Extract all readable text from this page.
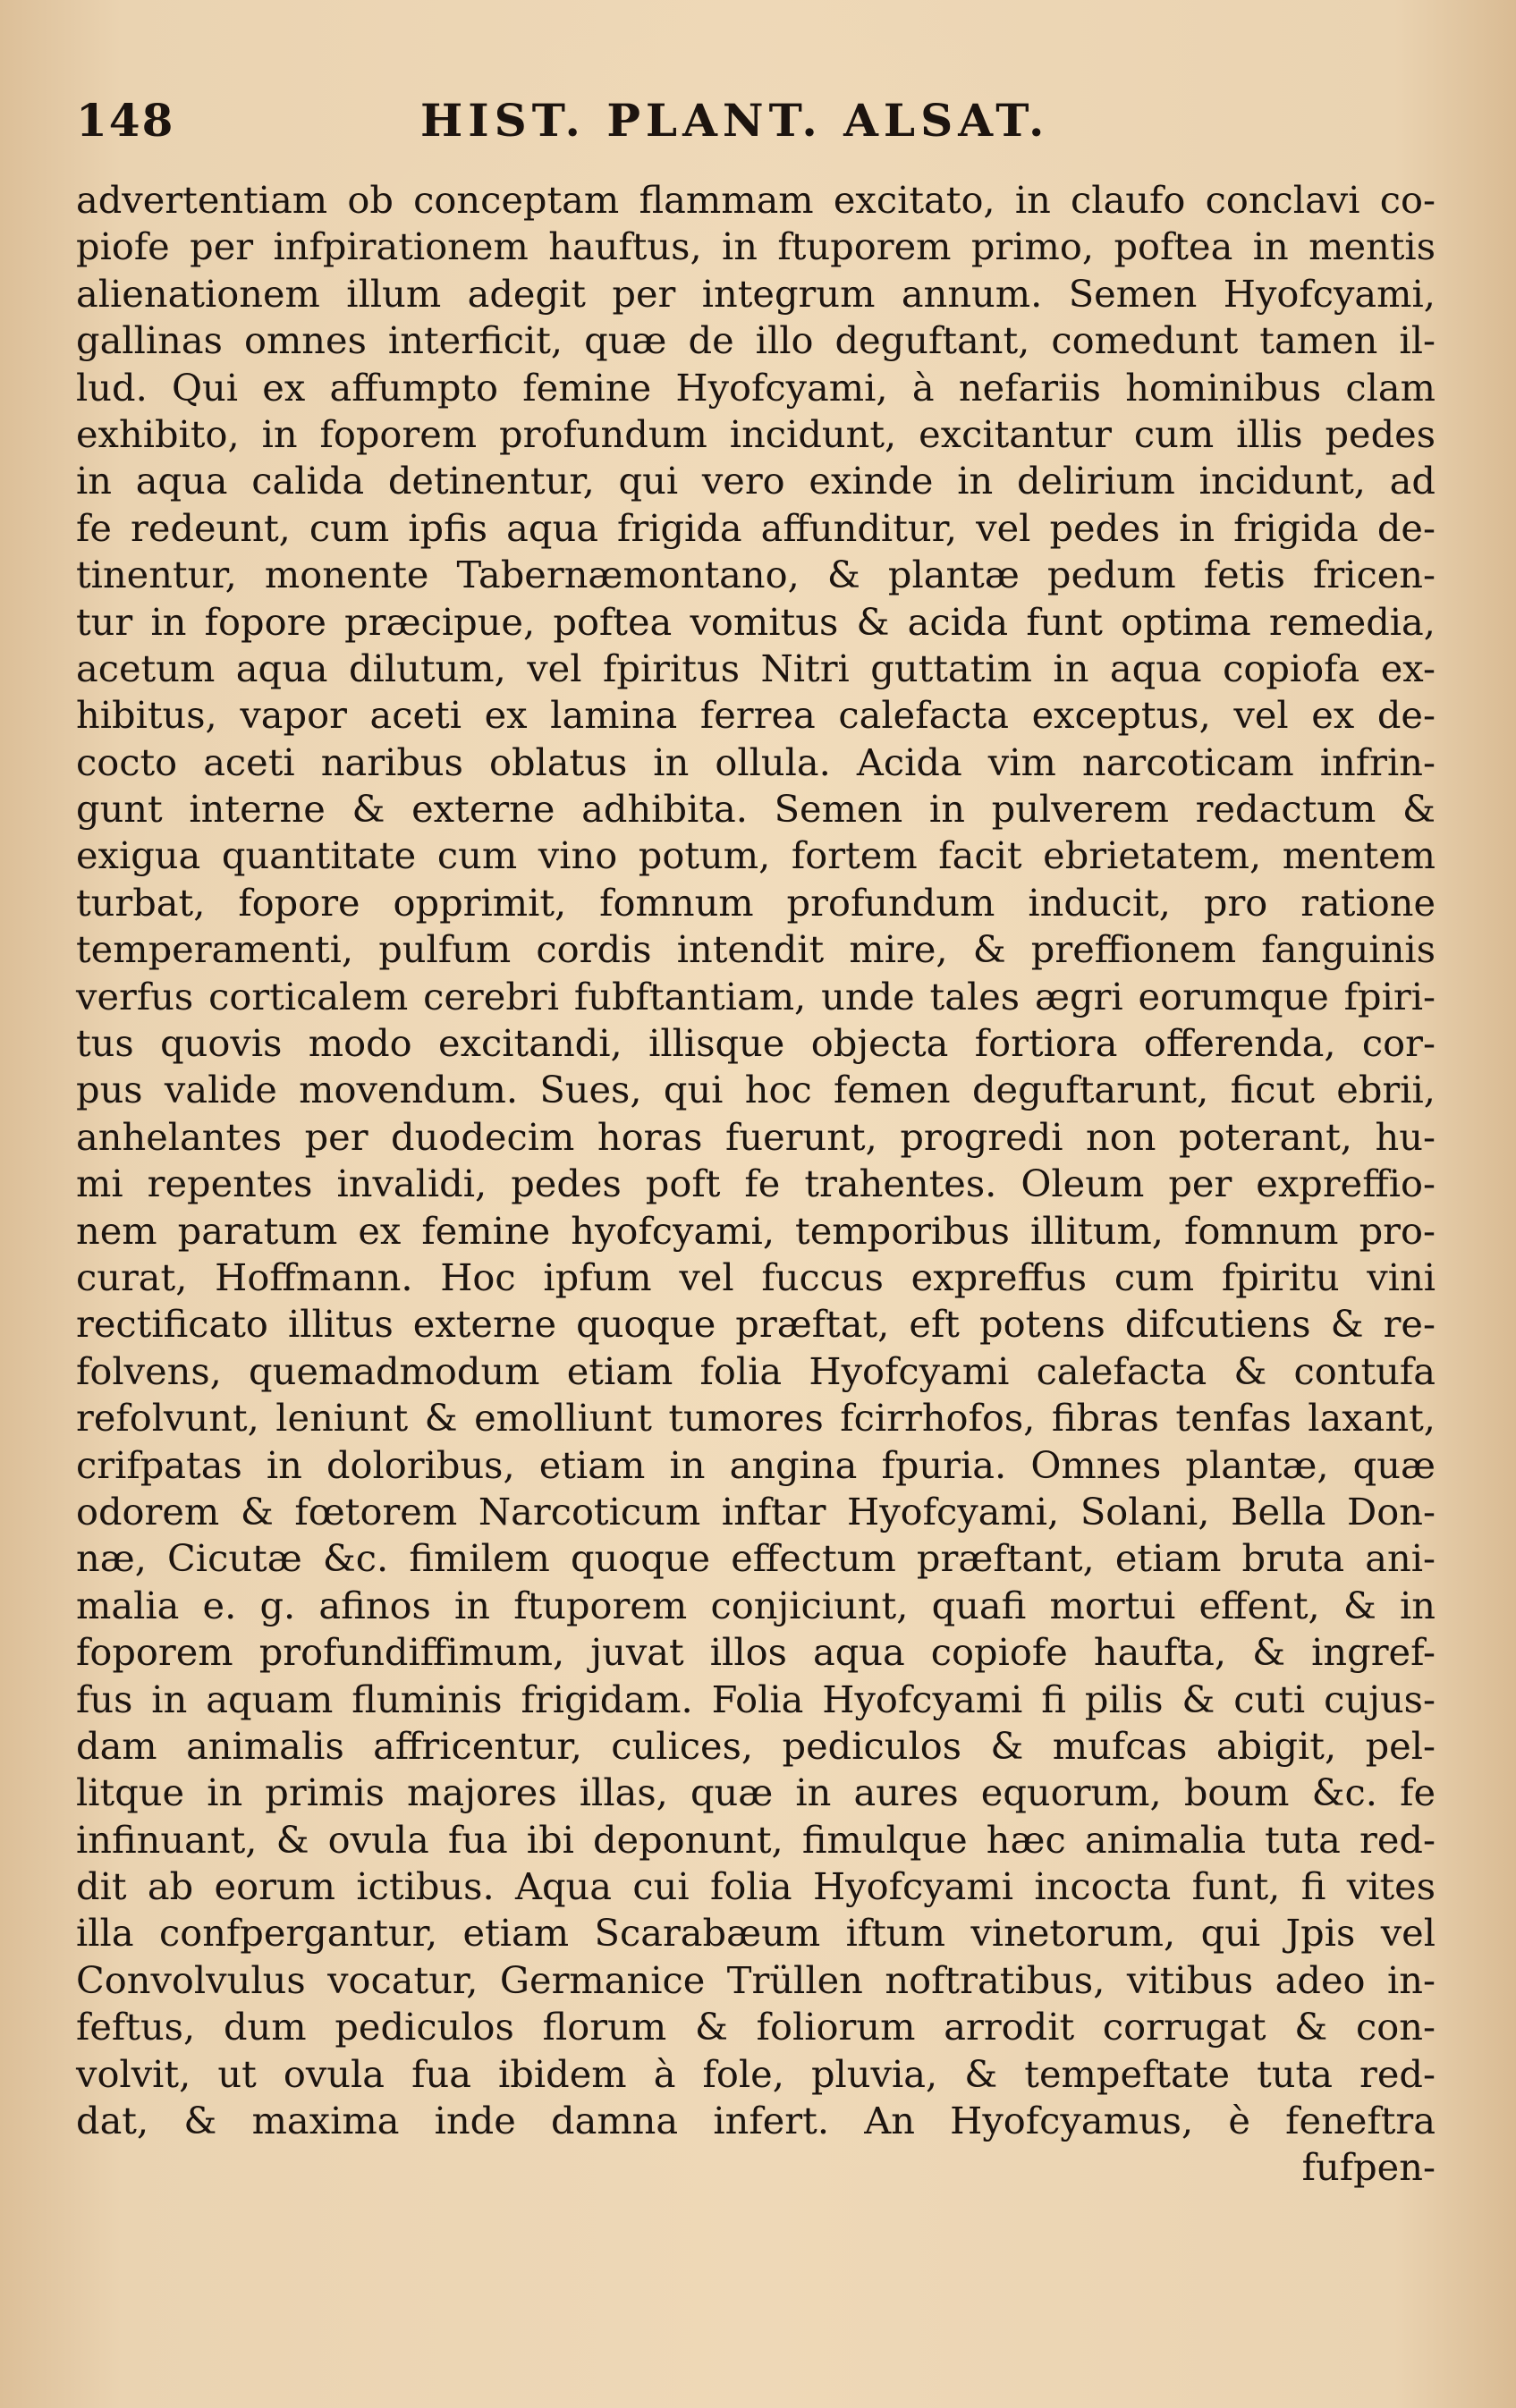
148	HIST. PLANT. ALSAT.
advertentiam ob conceptam flammam excitato, in claufo conclavi co-
piofe per infpirationem hauftus, in ftuporem primo, poftea in mentis
alienationem illum adegit per integrum annum. Semen Hyofcyami,
gallinas omnes interficit, quæ de illo deguftant, comedunt tamen il-
lud. Qui ex affumpto femine Hyofcyami, à nefariis hominibus clam
exhibito, in foporem profundum incidunt, excitantur cum illis pedes
in aqua calida detinentur, qui vero exinde in delirium incidunt, ad
fe redeunt, cum ipfis aqua frigida affunditur, vel pedes in frigida de-
tinentur, monente Tabernæmontano, & plantæ pedum fetis fricen-
tur in fopore præcipue, poftea vomitus & acida funt optima remedia,
acetum aqua dilutum, vel fpiritus Nitri guttatim in aqua copiofa ex-
hibitus, vapor aceti ex lamina ferrea calefacta exceptus, vel ex de-
cocto aceti naribus oblatus in ollula. Acida vim narcoticam infrin-
gunt interne & externe adhibita. Semen in pulverem redactum &
exigua quantitate cum vino potum, fortem facit ebrietatem, mentem
turbat, fopore opprimit, fomnum profundum inducit, pro ratione
temperamenti, pulfum cordis intendit mire, & preffionem fanguinis
verfus corticalem cerebri fubftantiam, unde tales ægri eorumque fpiri-
tus quovis modo excitandi, illisque objecta fortiora offerenda, cor-
pus valide movendum. Sues, qui hoc femen deguftarunt, ficut ebrii,
anhelantes per duodecim horas fuerunt, progredi non poterant, hu-
mi repentes invalidi, pedes poft fe trahentes. Oleum per expreffio-
nem paratum ex femine hyofcyami, temporibus illitum, fomnum pro-
curat, Hoffmann. Hoc ipfum vel fuccus expreffus cum fpiritu vini
rectificato illitus externe quoque præftat, eft potens difcutiens & re-
folvens, quemadmodum etiam folia Hyofcyami calefacta & contufa
refolvunt, leniunt & emolliunt tumores fcirrhofos, fibras tenfas laxant,
crifpatas in doloribus, etiam in angina fpuria. Omnes plantæ, quæ
odorem & fœtorem Narcoticum inftar Hyofcyami, Solani, Bella Don-
næ, Cicutæ &c. fimilem quoque effectum præftant, etiam bruta ani-
malia e. g. afinos in ftuporem conjiciunt, quafi mortui effent, & in
foporem profundiffimum, juvat illos aqua copiofe haufta, & ingref-
fus in aquam fluminis frigidam. Folia Hyofcyami fi pilis & cuti cujus-
dam animalis affricentur, culices, pediculos & mufcas abigit, pel-
litque in primis majores illas, quæ in aures equorum, boum &c. fe
infinuant, & ovula fua ibi deponunt, fimulque hæc animalia tuta red-
dit ab eorum ictibus. Aqua cui folia Hyofcyami incocta funt, fi vites
illa confpergantur, etiam Scarabæum iftum vinetorum, qui Jpis vel
Convolvulus vocatur, Germanice Trüllen noftratibus, vitibus adeo in-
feftus, dum pediculos florum & foliorum arrodit corrugat & con-
volvit, ut ovula fua ibidem à fole, pluvia, & tempeftate tuta red-
dat, & maxima inde damna infert. An Hyofcyamus, è feneftra
fufpen-
